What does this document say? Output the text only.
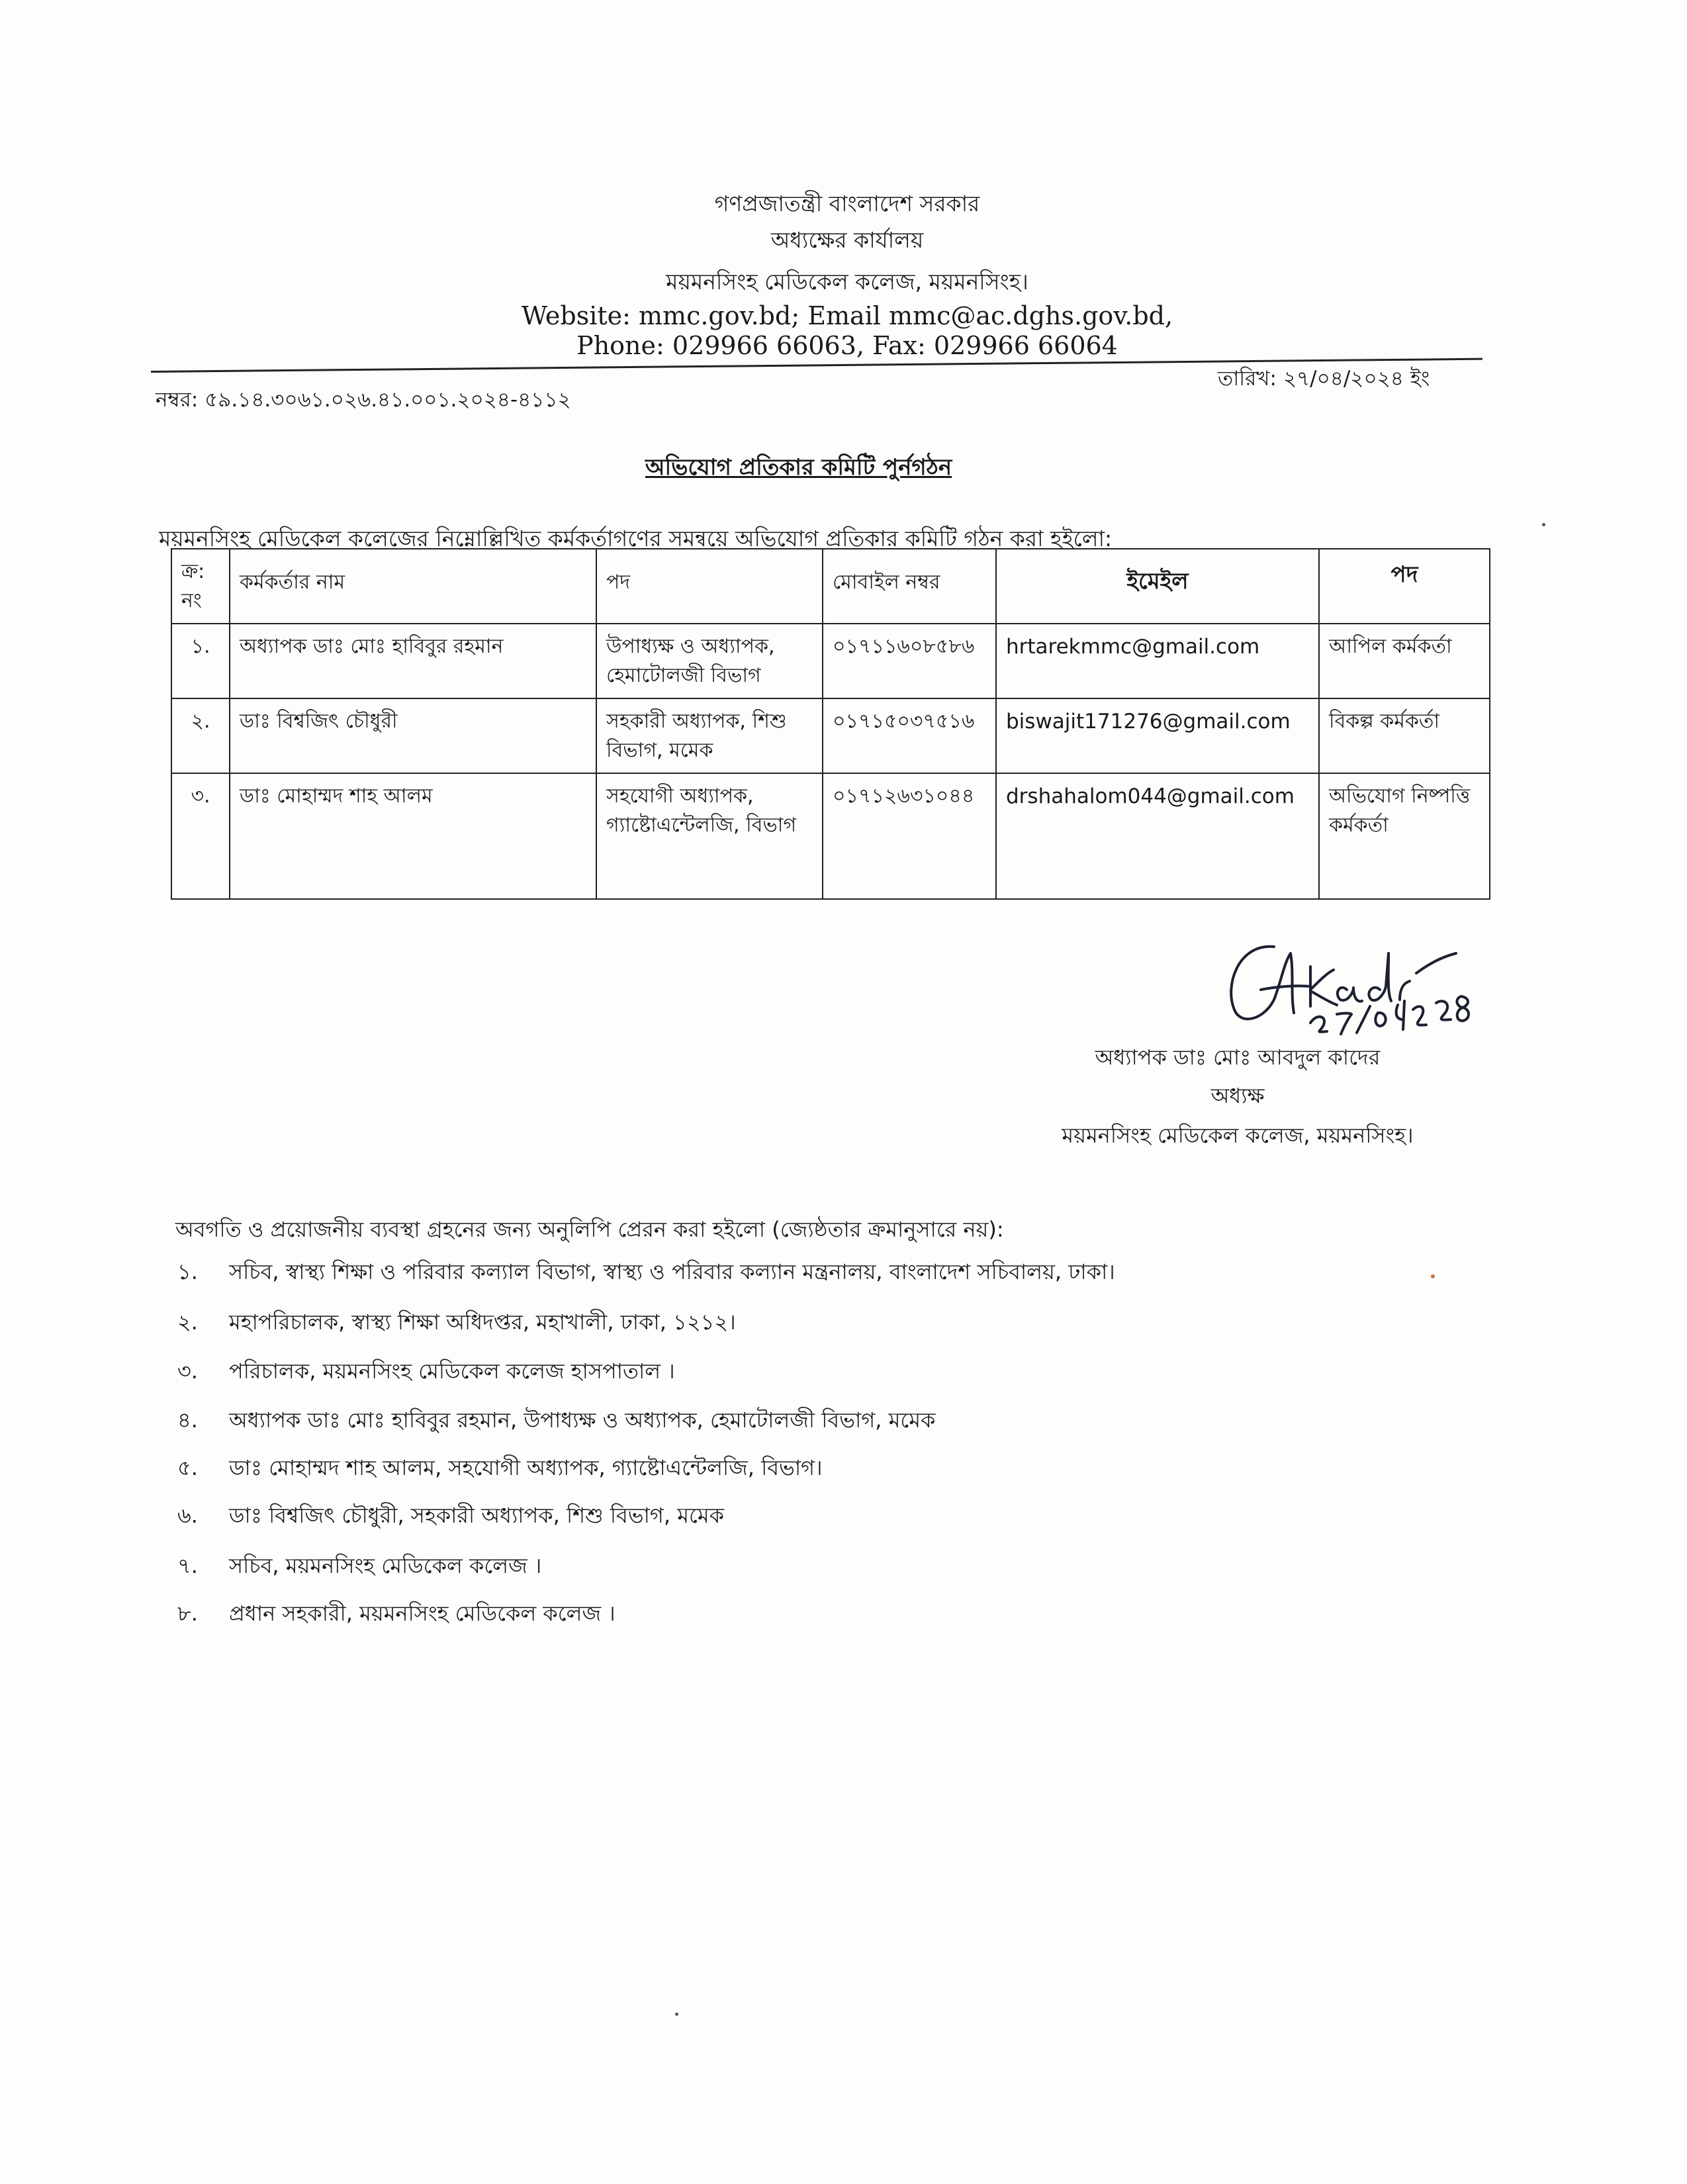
গণপ্রজাতন্ত্রী বাংলাদেশ সরকার
অধ্যক্ষের কার্যালয়
ময়মনসিংহ মেডিকেল কলেজ, ময়মনসিংহ।
Website: mmc.gov.bd; Email mmc@ac.dghs.gov.bd,
Phone: 029966 66063, Fax: 029966 66064
নম্বর: ৫৯.১৪.৩০৬১.০২৬.৪১.০০১.২০২৪-৪১১২
তারিখ: ২৭/০৪/২০২৪ ইং
অভিযোগ প্রতিকার কমিটি পুর্নগঠন
ময়মনসিংহ মেডিকেল কলেজের নিম্নোল্লিখিত কর্মকর্তাগণের সমন্বয়ে অভিযোগ প্রতিকার কমিটি গঠন করা হইলো:
ক্র: নং	কর্মকর্তার নাম	পদ	মোবাইল নম্বর	ইমেইল	পদ
১.	অধ্যাপক ডাঃ মোঃ হাবিবুর রহমান	উপাধ্যক্ষ ও অধ্যাপক, হেমাটোলজী বিভাগ	০১৭১১৬০৮৫৮৬	hrtarekmmc@gmail.com	আপিল কর্মকর্তা
২.	ডাঃ বিশ্বজিৎ চৌধুরী	সহকারী অধ্যাপক, শিশু বিভাগ, মমেক	০১৭১৫০৩৭৫১৬	biswajit171276@gmail.com	বিকল্প কর্মকর্তা
৩.	ডাঃ মোহাম্মদ শাহ আলম	সহযোগী অধ্যাপক, গ্যাষ্টোএন্টেলজি, বিভাগ	০১৭১২৬৩১০৪৪	drshahalom044@gmail.com	অভিযোগ নিষ্পত্তি কর্মকর্তা
অধ্যাপক ডাঃ মোঃ আবদুল কাদের
অধ্যক্ষ
ময়মনসিংহ মেডিকেল কলেজ, ময়মনসিংহ।
অবগতি ও প্রয়োজনীয় ব্যবস্থা গ্রহনের জন্য অনুলিপি প্রেরন করা হইলো (জ্যেষ্ঠতার ক্রমানুসারে নয়):
১. সচিব, স্বাস্থ্য শিক্ষা ও পরিবার কল্যাল বিভাগ, স্বাস্থ্য ও পরিবার কল্যান মন্ত্রনালয়, বাংলাদেশ সচিবালয়, ঢাকা।
২. মহাপরিচালক, স্বাস্থ্য শিক্ষা অধিদপ্তর, মহাখালী, ঢাকা, ১২১২।
৩. পরিচালক, ময়মনসিংহ মেডিকেল কলেজ হাসপাতাল ।
৪. অধ্যাপক ডাঃ মোঃ হাবিবুর রহমান, উপাধ্যক্ষ ও অধ্যাপক, হেমাটোলজী বিভাগ, মমেক
৫. ডাঃ মোহাম্মদ শাহ আলম, সহযোগী অধ্যাপক, গ্যাষ্টোএন্টেলজি, বিভাগ।
৬. ডাঃ বিশ্বজিৎ চৌধুরী, সহকারী অধ্যাপক, শিশু বিভাগ, মমেক
৭. সচিব, ময়মনসিংহ মেডিকেল কলেজ ।
৮. প্রধান সহকারী, ময়মনসিংহ মেডিকেল কলেজ ।
